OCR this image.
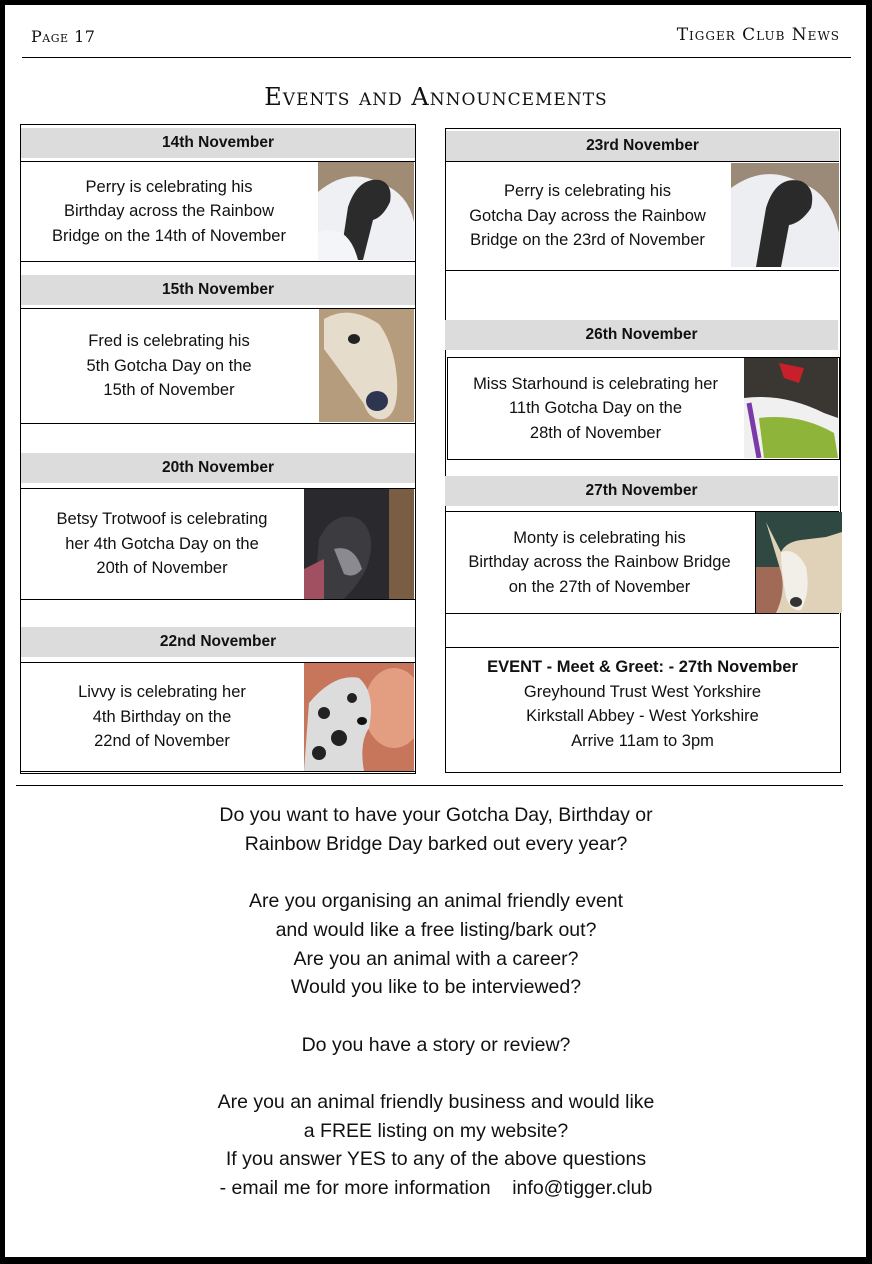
Page 17	Tigger Club News
Events and Announcements
14th November
Perry is celebrating his
Birthday across the Rainbow
Bridge on the 14th of November
15th November
Fred is celebrating his
5th Gotcha Day on the
15th of November
20th November
Betsy Trotwoof is celebrating
her 4th Gotcha Day on the
20th of November
22nd November
Livvy is celebrating her
4th Birthday on the
22nd of November
23rd November
Perry is celebrating his
Gotcha Day across the Rainbow
Bridge on the 23rd of November
26th November
Miss Starhound is celebrating her
11th Gotcha Day on the
28th of November
27th November
Monty is celebrating his
Birthday across the Rainbow Bridge
on the 27th of November
EVENT - Meet & Greet: - 27th November
Greyhound Trust West Yorkshire
Kirkstall Abbey - West Yorkshire
Arrive 11am to 3pm
Do you want to have your Gotcha Day, Birthday or
Rainbow Bridge Day barked out every year?
Are you organising an animal friendly event
and would like a free listing/bark out?
Are you an animal with a career?
Would you like to be interviewed?
Do you have a story or review?
Are you an animal friendly business and would like
a FREE listing on my website?
If you answer YES to any of the above questions
- email me for more information info@tigger.club
